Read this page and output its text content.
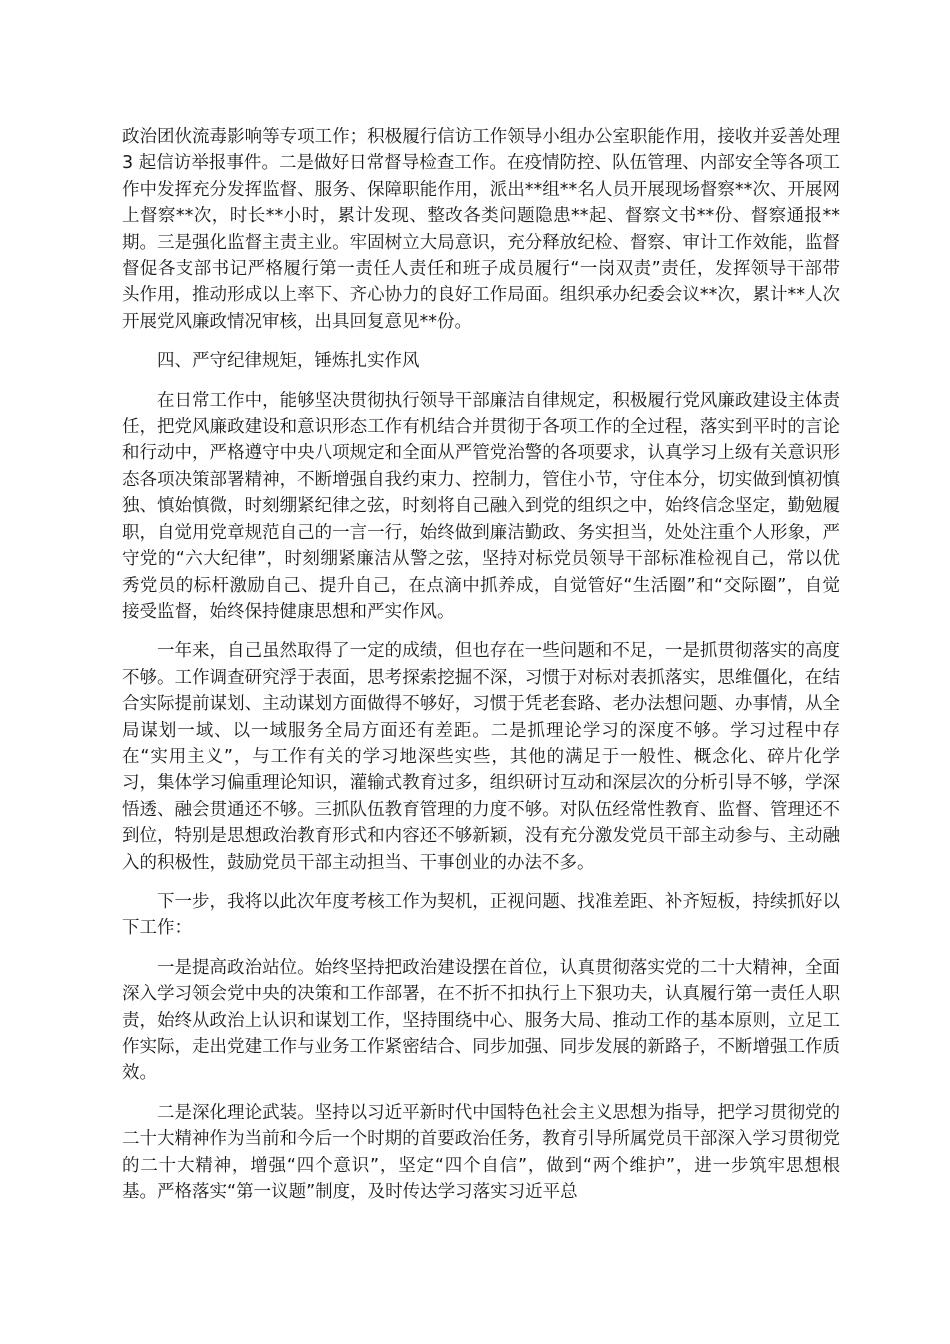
政治团伙流毒影响等专项工作；积极履行信访工作领导小组办公室职能作用，接收并妥善处理 3 起信访举报事件。二是做好日常督导检查工作。在疫情防控、队伍管理、内部安全等各项工作中发挥充分发挥监督、服务、保障职能作用，派出**组**名人员开展现场督察**次、开展网上督察**次，时长**小时，累计发现、整改各类问题隐患**起、督察文书**份、督察通报**期。三是强化监督主责主业。牢固树立大局意识，充分释放纪检、督察、审计工作效能，监督督促各支部书记严格履行第一责任人责任和班子成员履行“一岗双责”责任，发挥领导干部带头作用，推动形成以上率下、齐心协力的良好工作局面。组织承办纪委会议**次，累计**人次开展党风廉政情况审核，出具回复意见**份。

四、严守纪律规矩，锤炼扎实作风

在日常工作中，能够坚决贯彻执行领导干部廉洁自律规定，积极履行党风廉政建设主体责任，把党风廉政建设和意识形态工作有机结合并贯彻于各项工作的全过程，落实到平时的言论和行动中，严格遵守中央八项规定和全面从严管党治警的各项要求，认真学习上级有关意识形态各项决策部署精神，不断增强自我约束力、控制力，管住小节，守住本分，切实做到慎初慎独、慎始慎微，时刻绷紧纪律之弦，时刻将自己融入到党的组织之中，始终信念坚定，勤勉履职，自觉用党章规范自己的一言一行，始终做到廉洁勤政、务实担当，处处注重个人形象，严守党的“六大纪律”，时刻绷紧廉洁从警之弦，坚持对标党员领导干部标准检视自己，常以优秀党员的标杆激励自己、提升自己，在点滴中抓养成，自觉管好“生活圈”和“交际圈”，自觉接受监督，始终保持健康思想和严实作风。

一年来，自己虽然取得了一定的成绩，但也存在一些问题和不足，一是抓贯彻落实的高度不够。工作调查研究浮于表面，思考探索挖掘不深，习惯于对标对表抓落实，思维僵化，在结合实际提前谋划、主动谋划方面做得不够好，习惯于凭老套路、老办法想问题、办事情，从全局谋划一域、以一域服务全局方面还有差距。二是抓理论学习的深度不够。学习过程中存在“实用主义”，与工作有关的学习地深些实些，其他的满足于一般性、概念化、碎片化学习，集体学习偏重理论知识，灌输式教育过多，组织研讨互动和深层次的分析引导不够，学深悟透、融会贯通还不够。三抓队伍教育管理的力度不够。对队伍经常性教育、监督、管理还不到位，特别是思想政治教育形式和内容还不够新颖，没有充分激发党员干部主动参与、主动融入的积极性，鼓励党员干部主动担当、干事创业的办法不多。

下一步，我将以此次年度考核工作为契机，正视问题、找准差距、补齐短板，持续抓好以下工作：

一是提高政治站位。始终坚持把政治建设摆在首位，认真贯彻落实党的二十大精神，全面深入学习领会党中央的决策和工作部署，在不折不扣执行上下狠功夫，认真履行第一责任人职责，始终从政治上认识和谋划工作，坚持围绕中心、服务大局、推动工作的基本原则，立足工作实际，走出党建工作与业务工作紧密结合、同步加强、同步发展的新路子，不断增强工作质效。

二是深化理论武装。坚持以习近平新时代中国特色社会主义思想为指导，把学习贯彻党的二十大精神作为当前和今后一个时期的首要政治任务，教育引导所属党员干部深入学习贯彻党的二十大精神，增强“四个意识”，坚定“四个自信”，做到“两个维护”，进一步筑牢思想根基。严格落实“第一议题”制度，及时传达学习落实习近平总
